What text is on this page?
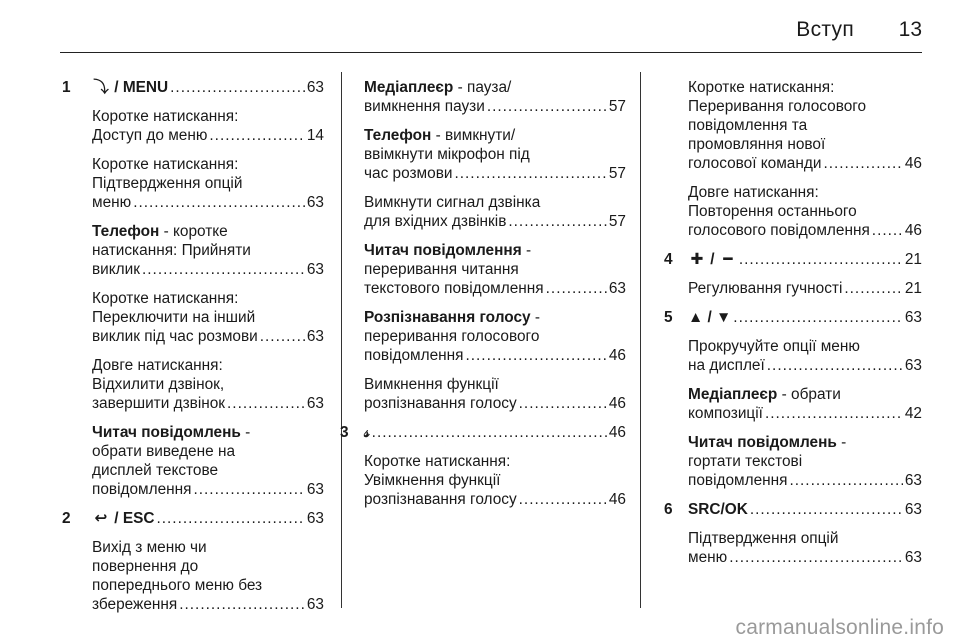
Вступ 13
1 ⤵ / MENU .....	63
Коротке натискання:
Доступ до меню .....	14
Коротке натискання:
Підтвердження опцій
меню .....	63
Телефон - коротке
натискання: Прийняти
виклик .....	63
Коротке натискання:
Переключити на інший
виклик під час розмови .....	63
Довге натискання:
Відхилити дзвінок,
завершити дзвінок .....	63
Читач повідомлень -
обрати виведене на
дисплей текстове
повідомлення .....	63
2 ↩ / ESC .....	63
Вихід з меню чи
повернення до
попереднього меню без
збереження .....	63
Медіаплеєр - пауза/
вимкнення паузи .....	57
Телефон - вимкнути/
ввімкнути мікрофон під
час розмови .....	57
Вимкнути сигнал дзвінка
для вхідних дзвінків .....	57
Читач повідомлення -
переривання читання
текстового повідомлення .....	63
Розпізнавання голосу -
переривання голосового
повідомлення .....	46
Вимкнення функції
розпізнавання голосу .....	46
3 𝓈 .....	46
Коротке натискання:
Увімкнення функції
розпізнавання голосу .....	46
Коротке натискання:
Переривання голосового
повідомлення та
промовляння нової
голосової команди .....	46
Довге натискання:
Повторення останнього
голосового повідомлення ..... 46
4 ✚ / ━ .....	21
Регулювання гучності .....	21
5 ▲ / ▼ .....	63
Прокручуйте опції меню
на дисплеї .....	63
Медіаплеєр - обрати
композиції .....	42
Читач повідомлень -
гортати текстові
повідомлення .....	63
6 SRC/OK .....	63
Підтвердження опцій
меню .....	63
carmanualsonline.info
